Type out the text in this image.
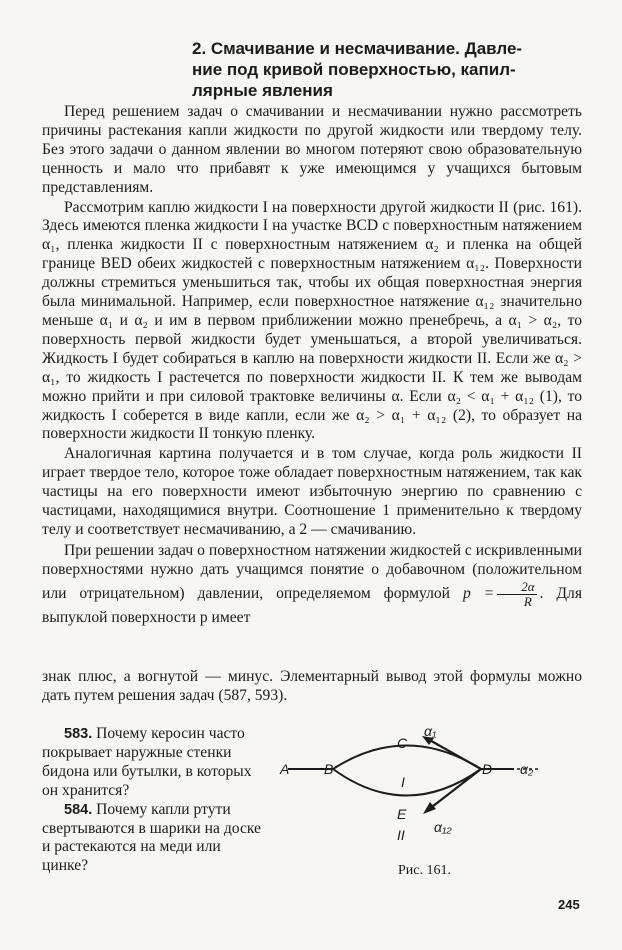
2. Смачивание и несмачивание. Давле-
ние под кривой поверхностью, капил-
лярные явления

Перед решением задач о смачивании и несмачивании нужно рассмотреть причины растекания капли жидкости по другой жидкости или твердому телу. Без этого задачи о данном явлении во многом потеряют свою образовательную ценность и мало что прибавят к уже имеющимся у учащихся бытовым представлениям.

Рассмотрим каплю жидкости I на поверхности другой жидкости II (рис. 161). Здесь имеются пленка жидкости I на участке BCD с поверхностным натяжением α₁, пленка жидкости II с поверхностным натяжением α₂ и пленка на общей границе BED обеих жидкостей с поверхностным натяжением α₁₂. Поверхности должны стремиться уменьшиться так, чтобы их общая поверхностная энергия была минимальной. Например, если поверхностное натяжение α₁₂ значительно меньше α₁ и α₂ и им в первом приближении можно пренебречь, а α₁ > α₂, то поверхность первой жидкости будет уменьшаться, а второй увеличиваться. Жидкость I будет собираться в каплю на поверхности жидкости II. Если же α₂ > α₁, то жидкость I растечется по поверхности жидкости II. К тем же выводам можно прийти и при силовой трактовке величины α. Если α₂ < α₁ + α₁₂ (1), то жидкость I соберется в виде капли, если же α₂ > α₁ + α₁₂ (2), то образует на поверхности жидкости II тонкую пленку.

Аналогичная картина получается и в том случае, когда роль жидкости II играет твердое тело, которое тоже обладает поверхностным натяжением, так как частицы на его поверхности имеют избыточную энергию по сравнению с частицами, находящимися внутри. Соотношение 1 применительно к твердому телу и соответствует несмачиванию, а 2 — смачиванию.

При решении задач о поверхностном натяжении жидкостей с искривленными поверхностями нужно дать учащимся понятие о добавочном (положительном или отрицательном) давлении, определяемом формулой $p = \frac{2\alpha}{R}$ . Для выпуклой поверхности p имеет

знак плюс, а вогнутой — минус. Элементарный вывод этой формулы можно дать путем решения задач (587, 593).

583. Почему керосин часто покрывает наружные стенки бидона или бутылки, в которых он хранится?

584. Почему капли ртути свертываются в шарики на доске и растекаются на меди или цинке?

A B
C
D
E
I
II
α₁
α₂
α₁₂
Рис. 161.
245
